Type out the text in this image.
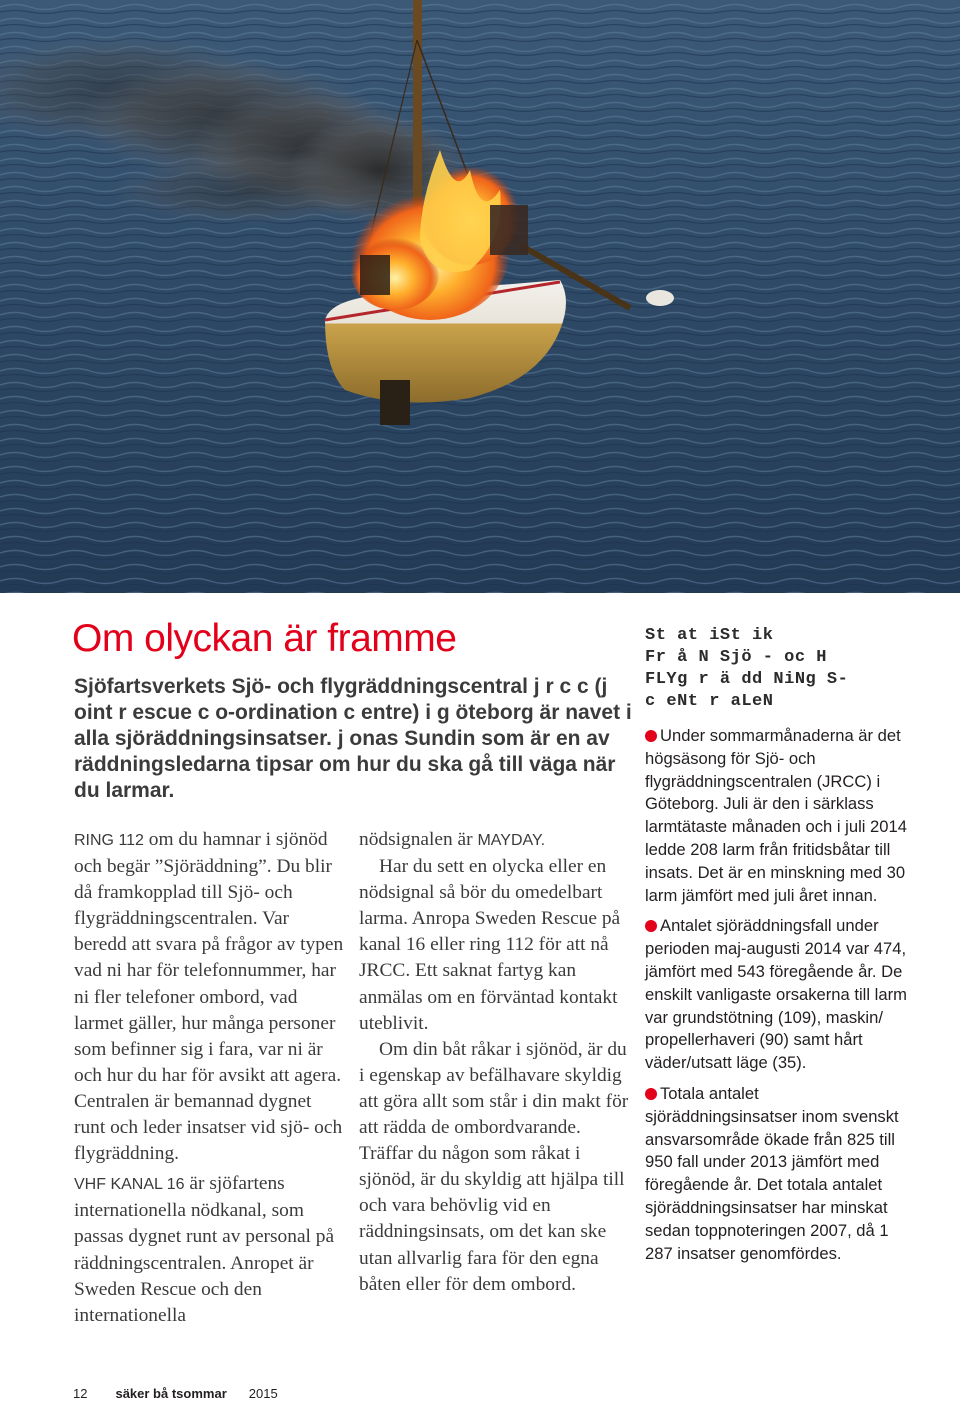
Om olyckan är framme

Sjöfartsverkets Sjö- och flygräddningscentral j r c c (j oint r escue c o-ordination c entre) i g öteborg är navet i alla sjöräddningsinsatser. j onas Sundin som är en av räddningsledarna tipsar om hur du ska gå till väga när du larmar.

RING 112 om du hamnar i sjönöd och begär ”Sjöräddning”. Du blir då framkopplad till Sjö- och flygräddningscentralen. Var beredd att svara på frågor av typen vad ni har för telefonnummer, har ni fler telefoner ombord, vad larmet gäller, hur många personer som befinner sig i fara, var ni är och hur du har för avsikt att agera. Centralen är bemannad dygnet runt och leder insatser vid sjö- och flygräddning.

VHF KANAL 16 är sjöfartens internationella nödkanal, som passas dygnet runt av personal på räddningscentralen. Anropet är Sweden Rescue och den internationella

nödsignalen är MAYDAY.

Har du sett en olycka eller en nödsignal så bör du omedelbart larma. Anropa Sweden Rescue på kanal 16 eller ring 112 för att nå JRCC. Ett saknat fartyg kan anmälas om en förväntad kontakt uteblivit.

Om din båt råkar i sjönöd, är du i egenskap av befälhavare skyldig att göra allt som står i din makt för att rädda de ombordvarande. Träffar du någon som råkat i sjönöd, är du skyldig att hjälpa till och vara behövlig vid en räddningsinsats, om det kan ske utan allvarlig fara för den egna båten eller för dem ombord.

St at iSt ik
Fr å N Sjö - oc H
FLYg r ä dd NiNg S-
c eNt r aLeN
Under sommarmånaderna är det högsäsong för Sjö- och flygräddningscentralen (JRCC) i Göteborg. Juli är den i särklass larmtätaste månaden och i juli 2014 ledde 208 larm från fritidsbåtar till insats. Det är en minskning med 30 larm jämfört med juli året innan.
Antalet sjöräddningsfall under perioden maj-augusti 2014 var 474, jämfört med 543 föregående år. De enskilt vanligaste orsakerna till larm var grundstötning (109), maskin/ propellerhaveri (90) samt hårt väder/utsatt läge (35).
Totala antalet sjöräddningsinsatser inom svenskt ansvarsområde ökade från 825 till 950 fall under 2013 jämfört med föregående år. Det totala antalet sjöräddningsinsatser har minskat sedan toppnoteringen 2007, då 1 287 insatser genomfördes.
12 säker bå tsommar 2015
